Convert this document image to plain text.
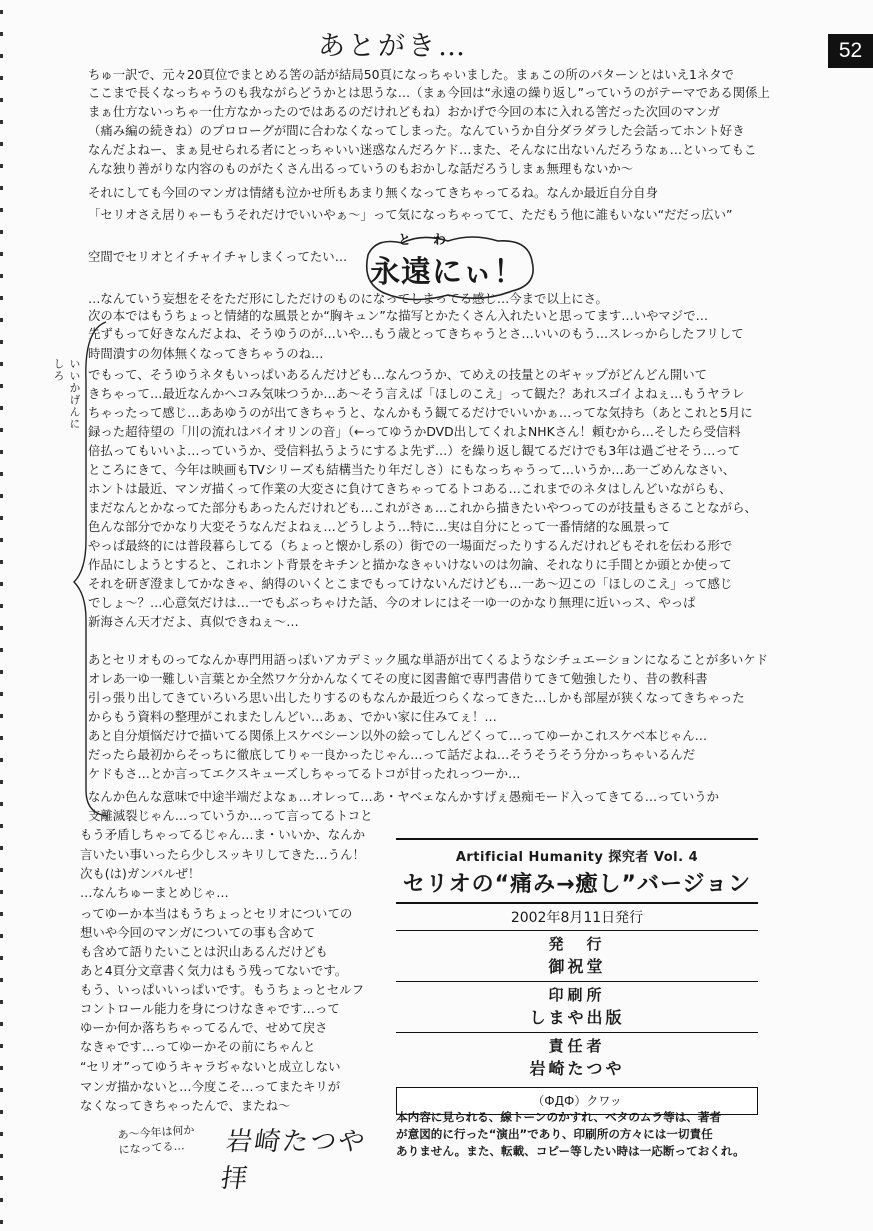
52
あとがき…
ちゅ一訳で、元々20頁位でまとめる筈の話が結局50頁になっちゃいました。まぁこの所のパターンとはいえ1ネタで
ここまで長くなっちゃうのも我ながらどうかとは思うな…（まぁ今回は“永遠の繰り返し”っていうのがテーマである関係上
まぁ仕方ないっちゃ一仕方なかったのではあるのだけれどもね）おかげで今回の本に入れる筈だった次回のマンガ
（痛み編の続きね）のプロローグが間に合わなくなってしまった。なんていうか自分ダラダラした会話ってホント好き
なんだよねー、まぁ見せられる者にとっちゃいい迷惑なんだろケド…また、そんなに出ないんだろうなぁ…といってもこ
んな独り善がりな内容のものがたくさん出るっていうのもおかしな話だろうしまぁ無理もないか～
それにしても今回のマンガは情緒も泣かせ所もあまり無くなってきちゃってるね。なんか最近自分自身
「セリオさえ居りゃーもうそれだけでいいやぁ～」って気になっちゃってて、ただもう他に誰もいない“だだっ広い”
空間でセリオとイチャイチャしまくってたい…
…なんていう妄想をそをただ形にしただけのものになってしまってる感じ…今まで以上にさ。
次の本ではもうちょっと情緒的な風景とか“胸キュン”な描写とかたくさん入れたいと思ってます…いやマジで…
先ずもって好きなんだよね、そうゆうのが…いや…もう歳とってきちゃうとさ…いいのもう…スレっからしたフリして
時間潰すの勿体無くなってきちゃうのね…
でもって、そうゆうネタもいっぱいあるんだけども…なんつうか、てめえの技量とのギャップがどんどん開いて
きちゃって…最近なんかヘコみ気味つうか…あ～そう言えば「ほしのこえ」って観た？あれスゴイよねぇ…もうヤラレ
ちゃったって感じ…ああゆうのが出てきちゃうと、なんかもう観てるだけでいいかぁ…ってな気持ち（あとこれと5月に
録った超待望の「川の流れはバイオリンの音」（←ってゆうかDVD出してくれよNHKさん！頼むから…そしたら受信料
倍払ってもいいよ…っていうか、受信料払うようにするよ先ず…）を繰り返し観てるだけでも3年は過ごせそう…って
ところにきて、今年は映画もTVシリーズも結構当たり年だしさ）にもなっちゃうって…いうか…あ一ごめんなさい、
ホントは最近、マンガ描くって作業の大変さに負けてきちゃってるトコある…これまでのネタはしんどいながらも、
まだなんとかなってた部分もあったんだけれども…これがさぁ…これから描きたいやつってのが技量もさることながら、
色んな部分でかなり大変そうなんだよねぇ…どうしよう…特に…実は自分にとって一番情緒的な風景って
やっぱ最終的には普段暮らしてる（ちょっと懐かし系の）街での一場面だったりするんだけれどもそれを伝わる形で
作品にしようとすると、これホント背景をキチンと描かなきゃいけないのは勿論、それなりに手間とか頭とか使って
それを研ぎ澄ましてかなきゃ、納得のいくとこまでもってけないんだけども…一あ～辺この「ほしのこえ」って感じ
でしょ～？…心意気だけは…一でもぶっちゃけた話、今のオレにはそ一ゆ一のかなり無理に近いっス、やっぱ
新海さん天才だよ、真似できねぇ～…
あとセリオものってなんか専門用語っぽいアカデミック風な単語が出てくるようなシチュエーションになることが多いケド
オレあ一ゆ一難しい言葉とか全然ワケ分かんなくてその度に図書館で専門書借りてきて勉強したり、昔の教科書
引っ張り出してきていろいろ思い出したりするのもなんか最近つらくなってきた…しかも部屋が狭くなってきちゃった
からもう資料の整理がこれまたしんどい…あぁ、でかい家に住みてぇ！…
あと自分煩悩だけで描いてる関係上スケベシーン以外の絵ってしんどくって…ってゆーかこれスケベ本じゃん…
だったら最初からそっちに徹底してりゃ一良かったじゃん…って話だよね…そうそうそう分かっちゃいるんだ
ケドもさ…とか言ってエクスキューズしちゃってるトコが甘ったれっつーか…
なんか色んな意味で中途半端だよなぁ…オレって…あ・ヤベェなんかすげぇ愚痴モード入ってきてる…っていうか
支離滅裂じゃん…っていうか…って言ってるトコと
もう矛盾しちゃってるじゃん…ま・いいか、なんか
言いたい事いったら少しスッキリしてきた…うん！
次も(は)ガンバルぜ！
…なんちゅーまとめじゃ…
ってゆーか本当はもうちょっとセリオについての
想いや今回のマンガについての事も含めて
も含めて語りたいことは沢山あるんだけども
あと4頁分文章書く気力はもう残ってないです。
もう、いっぱいいっぱいです。もうちょっとセルフ
コントロール能力を身につけなきゃです…って
ゆーか何か落ちちゃってるんで、せめて戻さ
なきゃです…ってゆーかその前にちゃんと
“セリオ”ってゆうキャラぢゃないと成立しない
マンガ描かないと…今度こそ…ってまたキリが
なくなってきちゃったんで、またね～
とわ
永遠にぃ！
いいかげんにしろ
Artificial Humanity 探究者 Vol. 4
セリオの“痛み→癒し”バージョン
2002年8月11日発行
発　行
御祝堂
印刷所
しまや出版
責任者
岩崎たつや
（ФДФ）クワッ
本内容に見られる、線トーンのかすれ、ベタのムラ等は、著者
が意図的に行った“演出”であり、印刷所の方々には一切責任
ありません。また、転載、コピー等したい時は一応断っておくれ。
あ～今年は何か
になってる…	岩崎たつや拝
